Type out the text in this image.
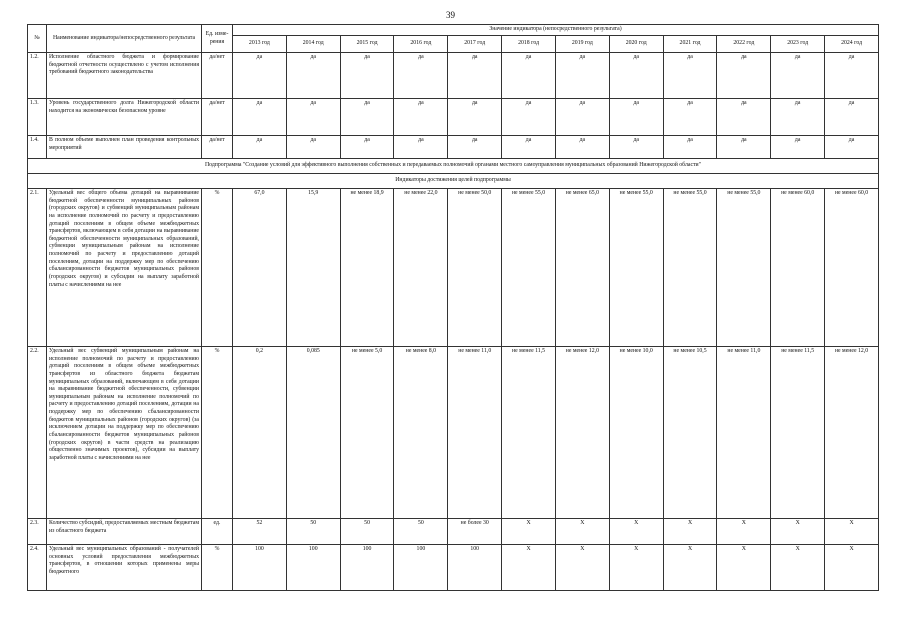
39
№	Наименование индикатора/непосредственного результата	Ед. изме-рения	Значение индикатора (непосредственного результата)											
			2013 год	2014 год	2015 год	2016 год	2017 год	2018 год	2019 год	2020 год	2021 год	2022 год	2023 год	2024 год
1.2.	Исполнение областного бюджета и формирование бюджетной отчетности осуществлено с учетом исполнения требований бюджетного законодательства	да/нет	да	да	да	да	да	да	да	да	да	да	да	да
1.3.	Уровень государственного долга Нижегородской области находится на экономически безопасном уровне	да/нет	да	да	да	да	да	да	да	да	да	да	да	да
1.4.	В полном объеме выполнен план проведения контрольных мероприятий	да/нет	да	да	да	да	да	да	да	да	да	да	да	да
Подпрограмма "Создание условий для эффективного выполнения собственных и передаваемых полномочий органами местного самоуправления муниципальных образований Нижегородской области"														
Индикаторы достижения целей подпрограммы														
2.1.	Удельный вес общего объема дотаций на выравнивание бюджетной обеспеченности муниципальных районов (городских округов) и субвенций муниципальным районам на исполнение полномочий по расчету и предоставлению дотаций поселениям в общем объеме межбюджетных трансфертов, включающем в себя дотации на выравнивание бюджетной обеспеченности муниципальных образований, субвенции муниципальным районам на исполнение полномочий по расчету и предоставлению дотаций поселениям, дотации на поддержку мер по обеспечению сбалансированности бюджетов муниципальных районов (городских округов) и субсидии на выплату заработной платы с начислениями на нее	%	67,0	15,9	не менее 18,9	не менее 22,0	не менее 50,0	не менее 55,0	не менее 65,0	не менее 55,0	не менее 55,0	не менее 55,0	не менее 60,0	не менее 60,0
2.2.	Удельный вес субвенций муниципальным районам на исполнение полномочий по расчету и предоставлению дотаций поселениям в общем объеме межбюджетных трансфертов из областного бюджета бюджетам муниципальных образований, включающем в себя дотации на выравнивание бюджетной обеспеченности, субвенции муниципальным районам на исполнение полномочий по расчету и предоставлению дотаций поселениям, дотации на поддержку мер по обеспечению сбалансированности бюджетов муниципальных районов (городских округов) (за исключением дотации на поддержку мер по обеспечению сбалансированности бюджетов муниципальных районов (городских округов) в части средств на реализацию общественно значимых проектов), субсидии на выплату заработной платы с начислениями на нее	%	0,2	0,085	не менее 5,0	не менее 8,0	не менее 11,0	не менее 11,5	не менее 12,0	не менее 10,0	не менее 10,5	не менее 11,0	не менее 11,5	не менее 12,0
2.3.	Количество субсидий, предоставляемых местным бюджетам из областного бюджета	ед.	52	50	50	50	не более 30	X	X	X	X	X	X	X
2.4.	Удельный вес муниципальных образований - получателей основных условий предоставления межбюджетных трансфертов, в отношении которых применены меры бюджетного	%	100	100	100	100	100	X	X	X	X	X	X	X
